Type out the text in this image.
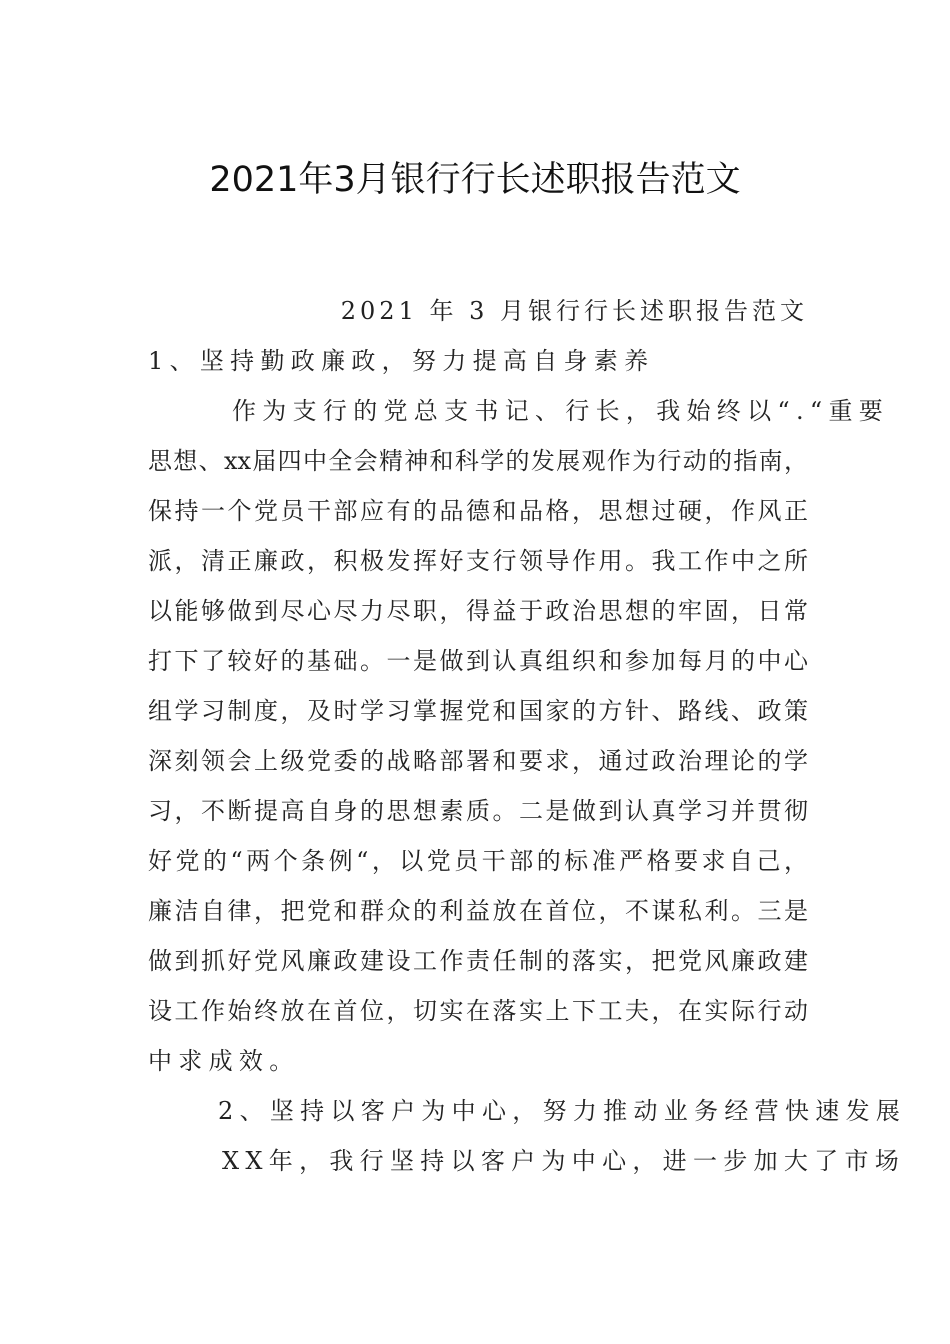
2021年3月银行行长述职报告范文
2021 年 3 月银行行长述职报告范文
1、坚持勤政廉政，努力提高自身素养
作为支行的党总支书记、行长，我始终以“.“重要
思想、xx届四中全会精神和科学的发展观作为行动的指南，
保持一个党员干部应有的品德和品格，思想过硬，作风正
派，清正廉政，积极发挥好支行领导作用。我工作中之所
以能够做到尽心尽力尽职，得益于政治思想的牢固，日常
打下了较好的基础。一是做到认真组织和参加每月的中心
组学习制度，及时学习掌握党和国家的方针、路线、政策
深刻领会上级党委的战略部署和要求，通过政治理论的学
习，不断提高自身的思想素质。二是做到认真学习并贯彻
好党的“两个条例“，以党员干部的标准严格要求自己，
廉洁自律，把党和群众的利益放在首位，不谋私利。三是
做到抓好党风廉政建设工作责任制的落实，把党风廉政建
设工作始终放在首位，切实在落实上下工夫，在实际行动
中求成效。
2、坚持以客户为中心，努力推动业务经营快速发展
XX年，我行坚持以客户为中心，进一步加大了市场
